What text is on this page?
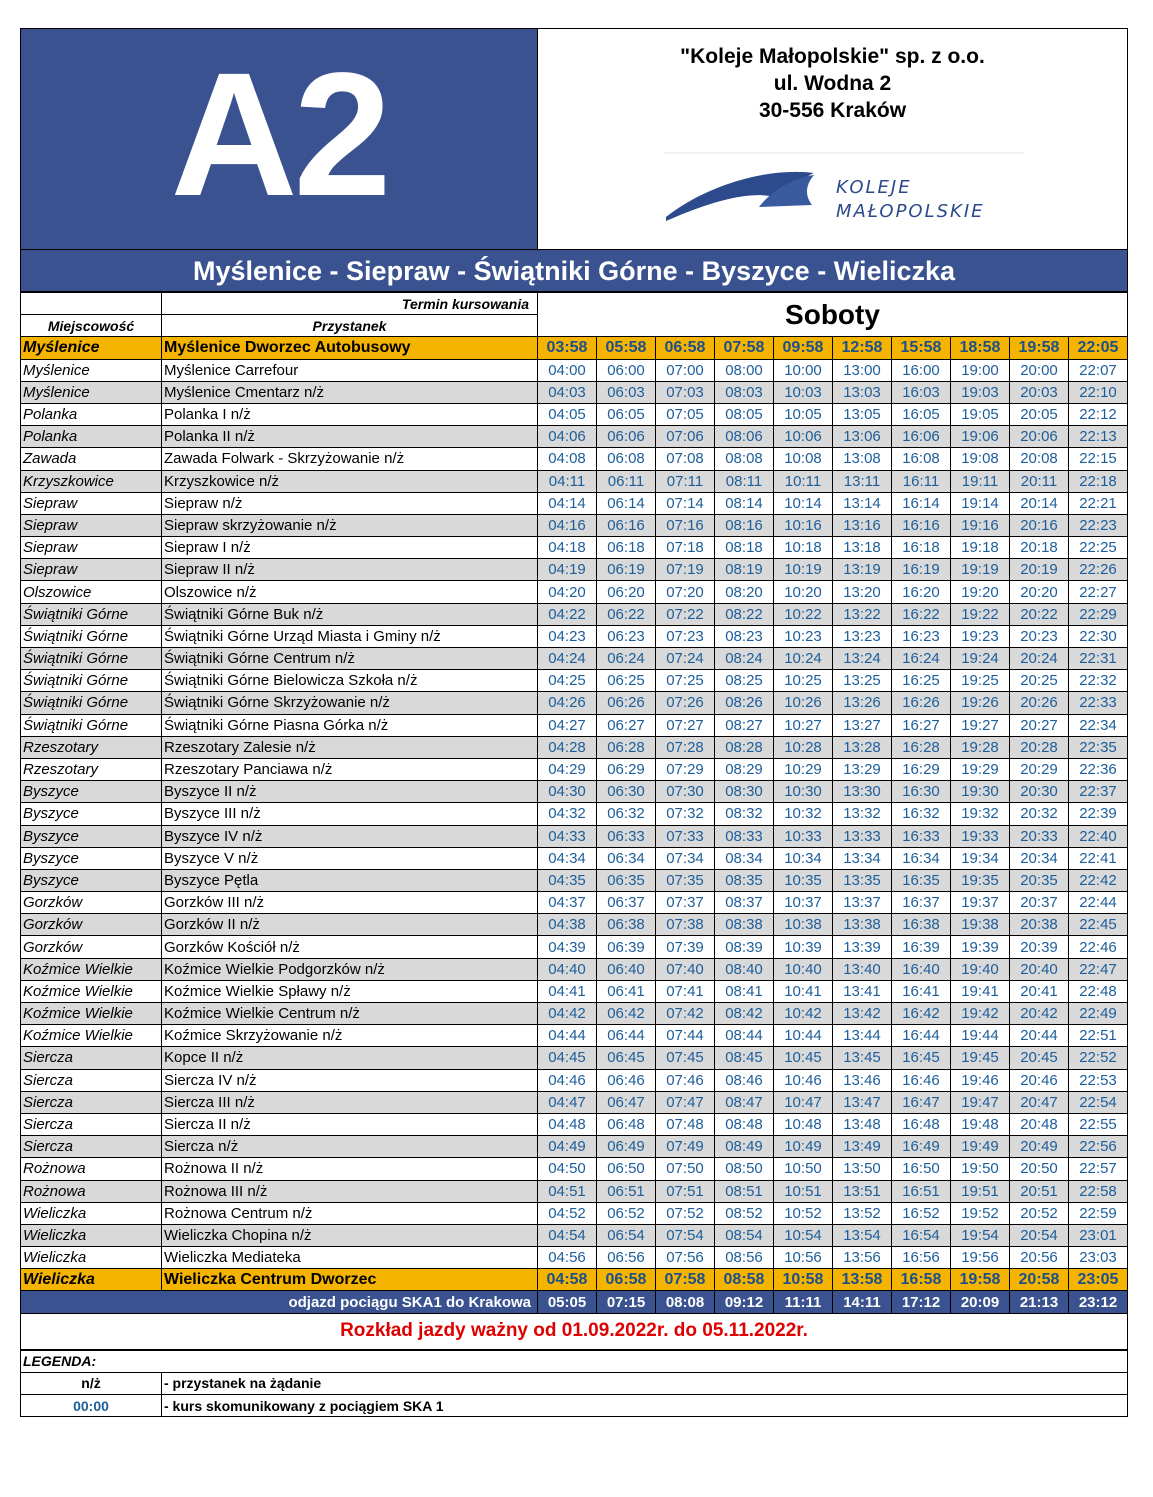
A2	"Koleje Małopolskie" sp. z o.o.
ul. Wodna 2
30-556 Kraków
KOLEJE
MAŁOPOLSKIE
Myślenice - Siepraw - Świątniki Górne - Byszyce - Wieliczka
	Termin kursowania	Soboty									
Miejscowość	Przystanek										
Myślenice	Myślenice Dworzec Autobusowy	03:58	05:58	06:58	07:58	09:58	12:58	15:58	18:58	19:58	22:05
Myślenice	Myślenice Carrefour	04:00	06:00	07:00	08:00	10:00	13:00	16:00	19:00	20:00	22:07
Myślenice	Myślenice Cmentarz n/ż	04:03	06:03	07:03	08:03	10:03	13:03	16:03	19:03	20:03	22:10
Polanka	Polanka I n/ż	04:05	06:05	07:05	08:05	10:05	13:05	16:05	19:05	20:05	22:12
Polanka	Polanka II n/ż	04:06	06:06	07:06	08:06	10:06	13:06	16:06	19:06	20:06	22:13
Zawada	Zawada Folwark - Skrzyżowanie n/ż	04:08	06:08	07:08	08:08	10:08	13:08	16:08	19:08	20:08	22:15
Krzyszkowice	Krzyszkowice n/ż	04:11	06:11	07:11	08:11	10:11	13:11	16:11	19:11	20:11	22:18
Siepraw	Siepraw n/ż	04:14	06:14	07:14	08:14	10:14	13:14	16:14	19:14	20:14	22:21
Siepraw	Siepraw skrzyżowanie n/ż	04:16	06:16	07:16	08:16	10:16	13:16	16:16	19:16	20:16	22:23
Siepraw	Siepraw I n/ż	04:18	06:18	07:18	08:18	10:18	13:18	16:18	19:18	20:18	22:25
Siepraw	Siepraw II n/ż	04:19	06:19	07:19	08:19	10:19	13:19	16:19	19:19	20:19	22:26
Olszowice	Olszowice n/ż	04:20	06:20	07:20	08:20	10:20	13:20	16:20	19:20	20:20	22:27
Świątniki Górne	Świątniki Górne Buk n/ż	04:22	06:22	07:22	08:22	10:22	13:22	16:22	19:22	20:22	22:29
Świątniki Górne	Świątniki Górne Urząd Miasta i Gminy n/ż	04:23	06:23	07:23	08:23	10:23	13:23	16:23	19:23	20:23	22:30
Świątniki Górne	Świątniki Górne Centrum n/ż	04:24	06:24	07:24	08:24	10:24	13:24	16:24	19:24	20:24	22:31
Świątniki Górne	Świątniki Górne Bielowicza Szkoła n/ż	04:25	06:25	07:25	08:25	10:25	13:25	16:25	19:25	20:25	22:32
Świątniki Górne	Świątniki Górne Skrzyżowanie n/ż	04:26	06:26	07:26	08:26	10:26	13:26	16:26	19:26	20:26	22:33
Świątniki Górne	Świątniki Górne Piasna Górka n/ż	04:27	06:27	07:27	08:27	10:27	13:27	16:27	19:27	20:27	22:34
Rzeszotary	Rzeszotary Zalesie n/ż	04:28	06:28	07:28	08:28	10:28	13:28	16:28	19:28	20:28	22:35
Rzeszotary	Rzeszotary Panciawa n/ż	04:29	06:29	07:29	08:29	10:29	13:29	16:29	19:29	20:29	22:36
Byszyce	Byszyce II n/ż	04:30	06:30	07:30	08:30	10:30	13:30	16:30	19:30	20:30	22:37
Byszyce	Byszyce III n/ż	04:32	06:32	07:32	08:32	10:32	13:32	16:32	19:32	20:32	22:39
Byszyce	Byszyce IV n/ż	04:33	06:33	07:33	08:33	10:33	13:33	16:33	19:33	20:33	22:40
Byszyce	Byszyce V n/ż	04:34	06:34	07:34	08:34	10:34	13:34	16:34	19:34	20:34	22:41
Byszyce	Byszyce Pętla	04:35	06:35	07:35	08:35	10:35	13:35	16:35	19:35	20:35	22:42
Gorzków	Gorzków III n/ż	04:37	06:37	07:37	08:37	10:37	13:37	16:37	19:37	20:37	22:44
Gorzków	Gorzków II n/ż	04:38	06:38	07:38	08:38	10:38	13:38	16:38	19:38	20:38	22:45
Gorzków	Gorzków Kościół n/ż	04:39	06:39	07:39	08:39	10:39	13:39	16:39	19:39	20:39	22:46
Koźmice Wielkie	Koźmice Wielkie Podgorzków n/ż	04:40	06:40	07:40	08:40	10:40	13:40	16:40	19:40	20:40	22:47
Koźmice Wielkie	Koźmice Wielkie Spławy n/ż	04:41	06:41	07:41	08:41	10:41	13:41	16:41	19:41	20:41	22:48
Koźmice Wielkie	Koźmice Wielkie Centrum n/ż	04:42	06:42	07:42	08:42	10:42	13:42	16:42	19:42	20:42	22:49
Koźmice Wielkie	Koźmice Skrzyżowanie n/ż	04:44	06:44	07:44	08:44	10:44	13:44	16:44	19:44	20:44	22:51
Siercza	Kopce II n/ż	04:45	06:45	07:45	08:45	10:45	13:45	16:45	19:45	20:45	22:52
Siercza	Siercza IV n/ż	04:46	06:46	07:46	08:46	10:46	13:46	16:46	19:46	20:46	22:53
Siercza	Siercza III n/ż	04:47	06:47	07:47	08:47	10:47	13:47	16:47	19:47	20:47	22:54
Siercza	Siercza II n/ż	04:48	06:48	07:48	08:48	10:48	13:48	16:48	19:48	20:48	22:55
Siercza	Siercza n/ż	04:49	06:49	07:49	08:49	10:49	13:49	16:49	19:49	20:49	22:56
Rożnowa	Rożnowa II n/ż	04:50	06:50	07:50	08:50	10:50	13:50	16:50	19:50	20:50	22:57
Rożnowa	Rożnowa III n/ż	04:51	06:51	07:51	08:51	10:51	13:51	16:51	19:51	20:51	22:58
Wieliczka	Rożnowa Centrum n/ż	04:52	06:52	07:52	08:52	10:52	13:52	16:52	19:52	20:52	22:59
Wieliczka	Wieliczka Chopina n/ż	04:54	06:54	07:54	08:54	10:54	13:54	16:54	19:54	20:54	23:01
Wieliczka	Wieliczka Mediateka	04:56	06:56	07:56	08:56	10:56	13:56	16:56	19:56	20:56	23:03
Wieliczka	Wieliczka Centrum Dworzec	04:58	06:58	07:58	08:58	10:58	13:58	16:58	19:58	20:58	23:05
odjazd pociągu SKA1 do Krakowa		05:05	07:15	08:08	09:12	11:11	14:11	17:12	20:09	21:13	23:12
Rozkład jazdy ważny od 01.09.2022r. do 05.11.2022r.
LEGENDA:	
n/ż	- przystanek na żądanie
00:00	- kurs skomunikowany z pociągiem SKA 1
